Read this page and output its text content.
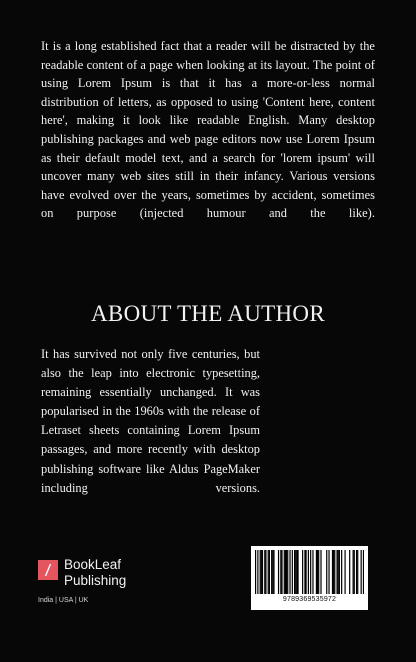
It is a long established fact that a reader will be distracted by the readable content of a page when looking at its layout. The point of using Lorem Ipsum is that it has a more-or-less normal distribution of letters, as opposed to using 'Content here, content here', making it look like readable English. Many desktop publishing packages and web page editors now use Lorem Ipsum as their default model text, and a search for 'lorem ipsum' will uncover many web sites still in their infancy. Various versions have evolved over the years, sometimes by accident, sometimes on purpose (injected humour and the like).

ABOUT THE AUTHOR

It has survived not only five centuries, but also the leap into electronic typesetting, remaining essentially unchanged. It was popularised in the 1960s with the release of Letraset sheets containing Lorem Ipsum passages, and more recently with desktop publishing software like Aldus PageMaker including versions.

BookLeaf
Publishing
India | USA | UK	9789369535972
